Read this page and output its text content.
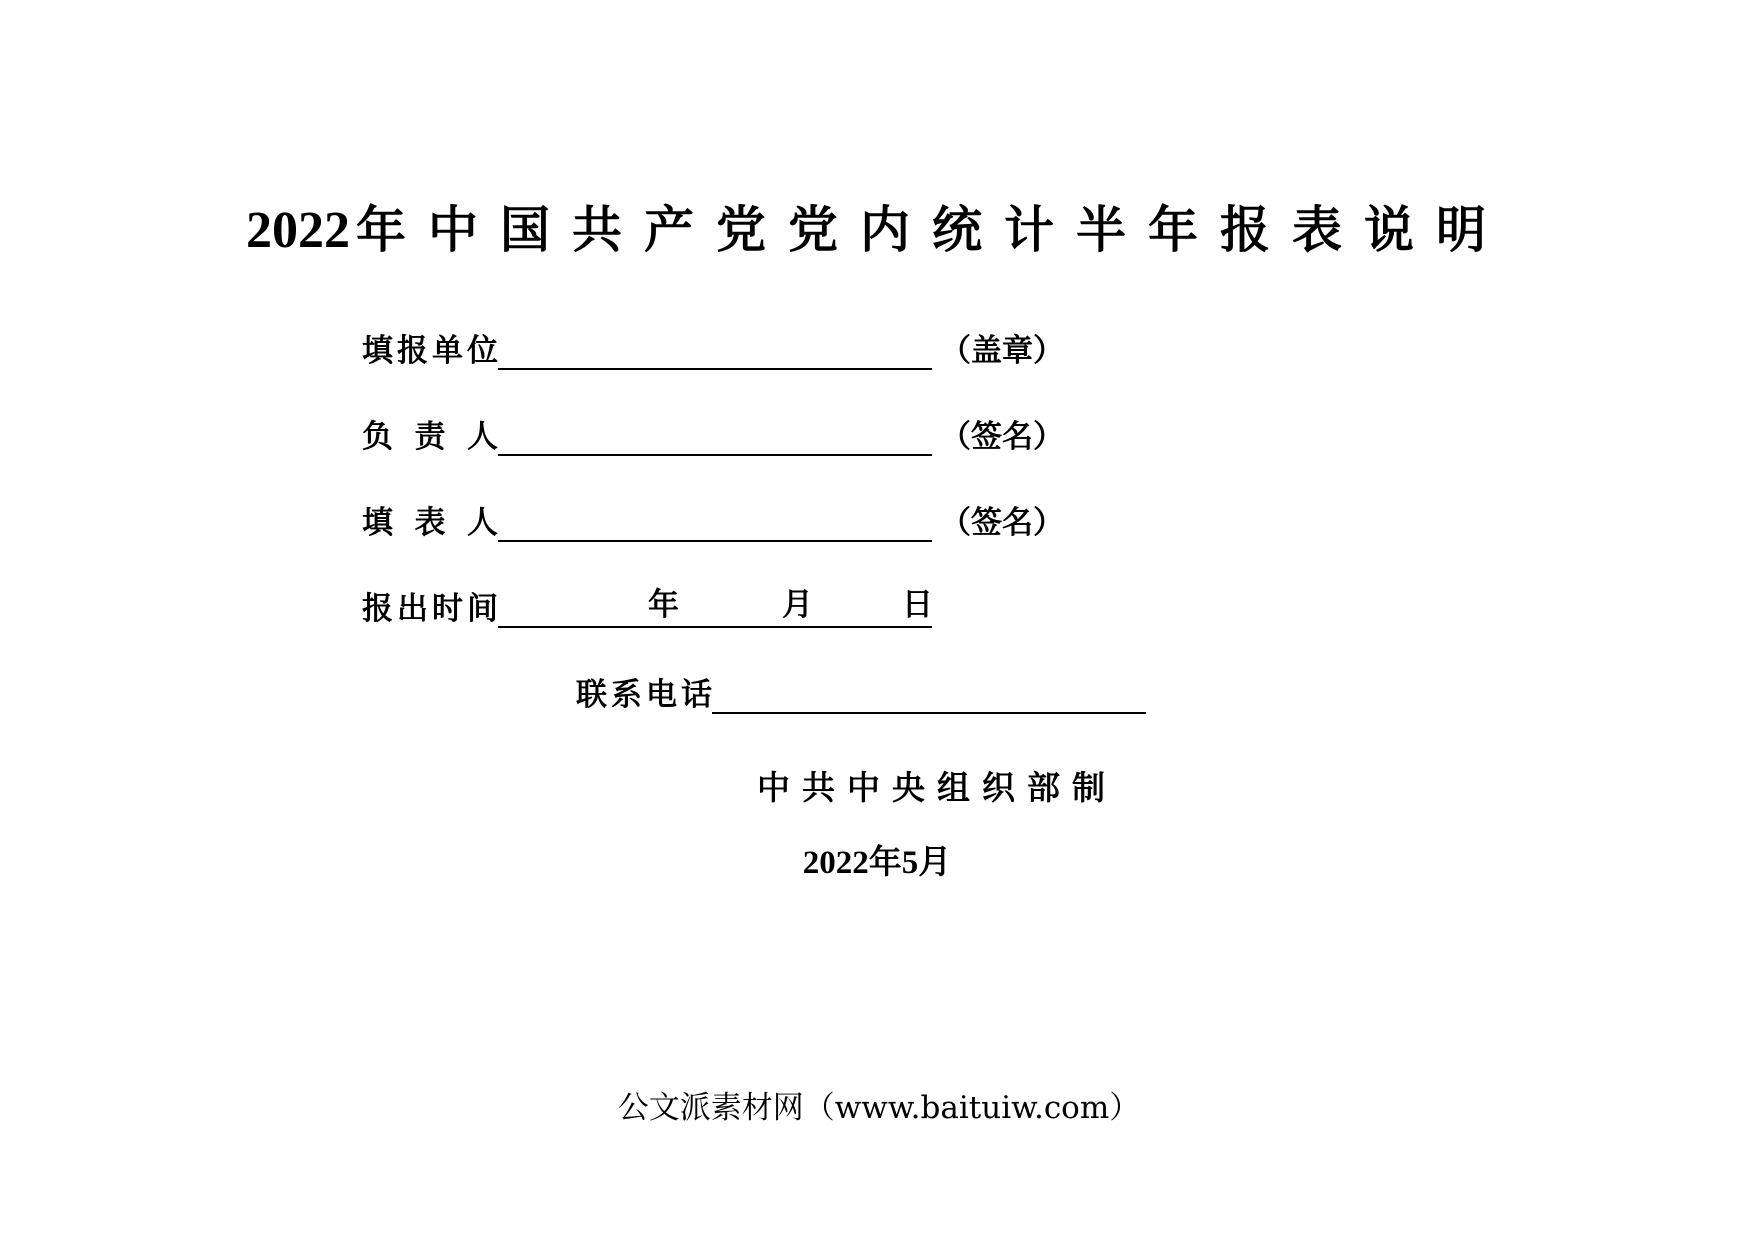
2022 年中国共产党党内统计半年报表说明
填报单位	（盖章）
负 责 人	（签名）
填 表 人	（签名）
报出时间	年	月	日
联系电话
中共中央组织部制
2022年5月
公文派素材网（www.baituiw.com）
